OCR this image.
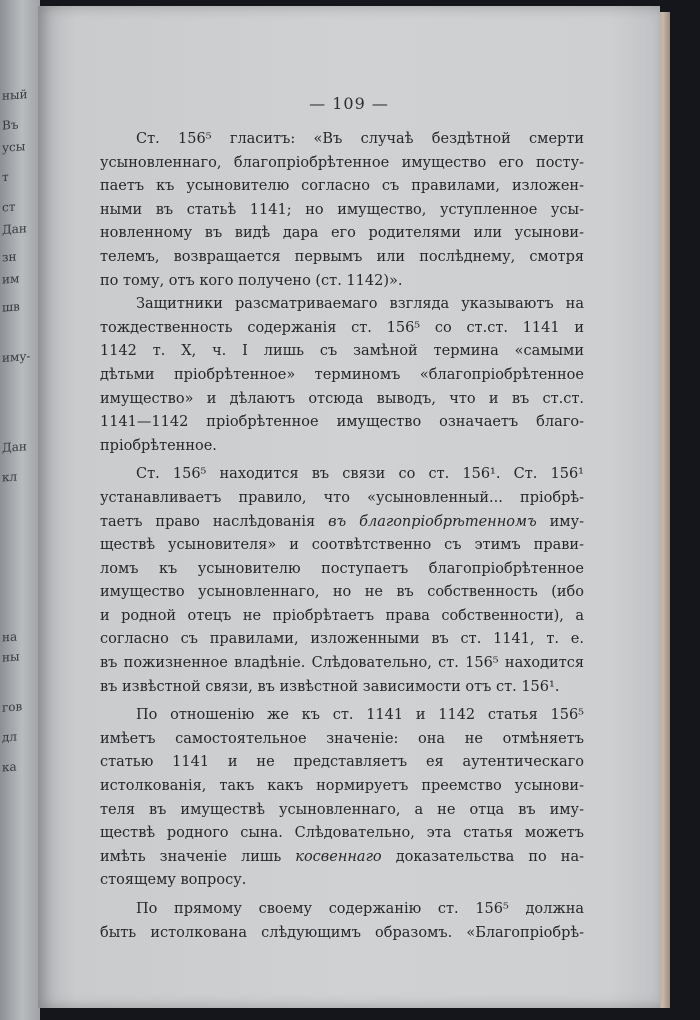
ный
Въ
усы
т
ст
Дан
зн
им
шв
иму-
Дан
кл
на
ны
гов
дл
ка
— 109 —
Ст. 156⁵ гласитъ: «Въ случаѣ бездѣтной смерти
усыновленнаго, благопріобрѣтенное имущество его посту-
паетъ къ усыновителю согласно съ правилами, изложен-
ными въ статьѣ 1141; но имущество, уступленное усы-
новленному въ видѣ дара его родителями или усынови-
телемъ, возвращается первымъ или послѣднему, смотря
по тому, отъ кого получено (ст. 1142)».
Защитники разсматриваемаго взгляда указываютъ на
тождественность содержанія ст. 156⁵ со ст.ст. 1141 и
1142 т. Х, ч. I лишь съ замѣной термина «самыми
дѣтьми пріобрѣтенное» терминомъ «благопріобрѣтенное
имущество» и дѣлаютъ отсюда выводъ, что и въ ст.ст.
1141—1142 пріобрѣтенное имущество означаетъ благо-
пріобрѣтенное.
Ст. 156⁵ находится въ связи со ст. 156¹. Ст. 156¹
устанавливаетъ правило, что «усыновленный... пріобрѣ-
таетъ право наслѣдованія въ благопріобрѣтенномъ иму-
ществѣ усыновителя» и соотвѣтственно съ этимъ прави-
ломъ къ усыновителю поступаетъ благопріобрѣтенное
имущество усыновленнаго, но не въ собственность (ибо
и родной отецъ не пріобрѣтаетъ права собственности), а
согласно съ правилами, изложенными въ ст. 1141, т. е.
въ пожизненное владѣніе. Слѣдовательно, ст. 156⁵ находится
въ извѣстной связи, въ извѣстной зависимости отъ ст. 156¹.
По отношенію же къ ст. 1141 и 1142 статья 156⁵
имѣетъ самостоятельное значеніе: она не отмѣняетъ
статью 1141 и не представляетъ ея аутентическаго
истолкованія, такъ какъ нормируетъ преемство усынови-
теля въ имуществѣ усыновленнаго, а не отца въ иму-
ществѣ родного сына. Слѣдовательно, эта статья можетъ
имѣть значеніе лишь косвеннаго доказательства по на-
стоящему вопросу.
По прямому своему содержанію ст. 156⁵ должна
быть истолкована слѣдующимъ образомъ. «Благопріобрѣ-
